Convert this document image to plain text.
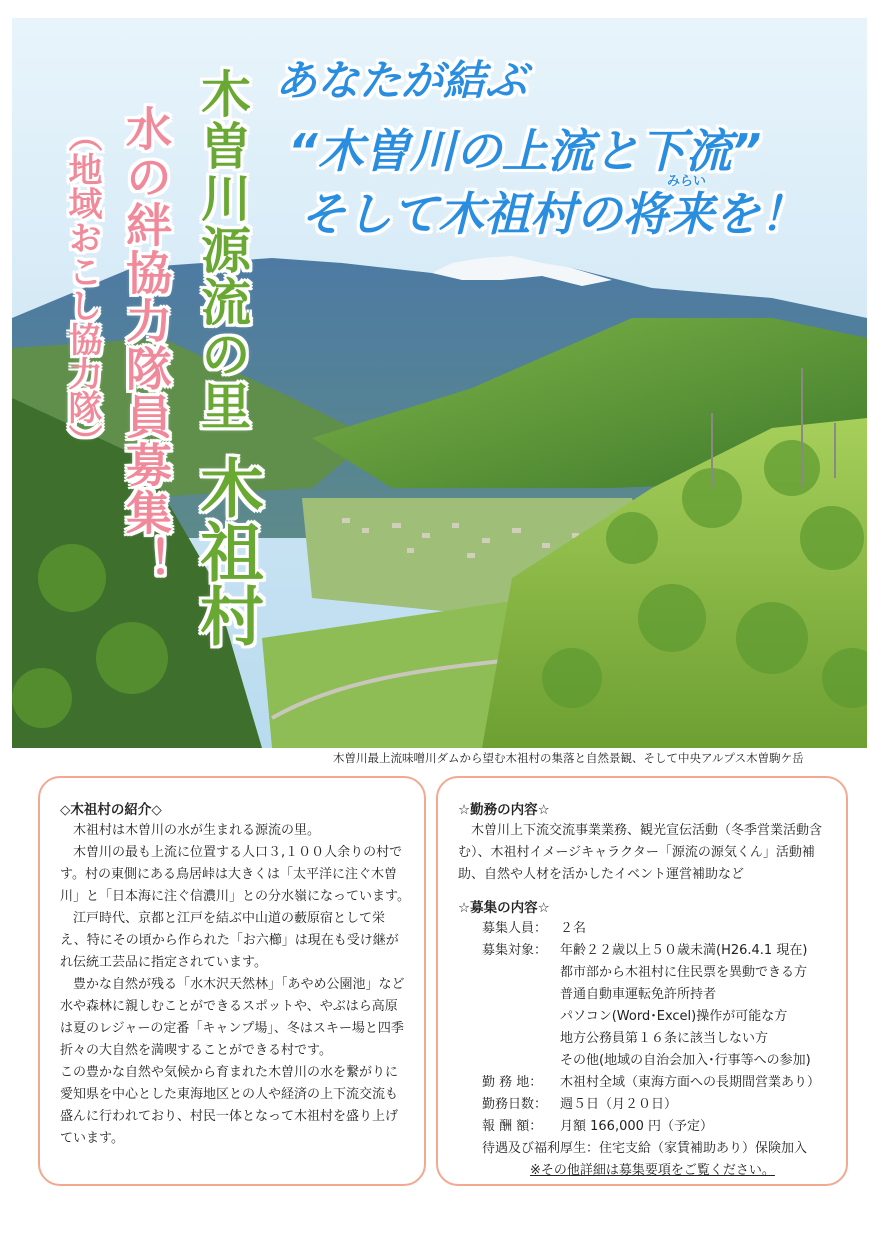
あなたが結ぶ
“木曽川の上流と下流”
みらい
そして木祖村の将来を！
木曽川源流の里
木祖村
水の絆協力隊員募集！
（地域おこし協力隊）
木曽川最上流味噌川ダムから望む木祖村の集落と自然景観、そして中央アルプス木曽駒ケ岳

◇木祖村の紹介◇

木祖村は木曽川の水が生まれる源流の里。

木曽川の最も上流に位置する人口３,１００人余りの村です。村の東側にある鳥居峠は大きくは「太平洋に注ぐ木曽川」と「日本海に注ぐ信濃川」との分水嶺になっています。

江戸時代、京都と江戸を結ぶ中山道の藪原宿として栄え、特にその頃から作られた「お六櫛」は現在も受け継がれ伝統工芸品に指定されています。

豊かな自然が残る「水木沢天然林」「あやめ公園池」など水や森林に親しむことができるスポットや、やぶはら高原は夏のレジャーの定番「キャンプ場」、冬はスキー場と四季折々の大自然を満喫することができる村です。

この豊かな自然や気候から育まれた木曽川の水を繋がりに愛知県を中心とした東海地区との人や経済の上下流交流も盛んに行われており、村民一体となって木祖村を盛り上げています。

☆勤務の内容☆

木曽川上下流交流事業業務、観光宣伝活動（冬季営業活動含む）、木祖村イメージキャラクター「源流の源気くん」活動補助、自然や人材を活かしたイベント運営補助など

☆募集の内容☆

募集人員： ２名
募集対象： 年齢２２歳以上５０歳未満(H26.4.1 現在)
都市部から木祖村に住民票を異動できる方
普通自動車運転免許所持者
パソコン(Word･Excel)操作が可能な方
地方公務員第１６条に該当しない方
その他(地域の自治会加入･行事等への参加)
勤 務 地：	木祖村全域（東海方面への長期間営業あり）
勤務日数： 週５日（月２０日）
報 酬 額：	月額 166,000 円（予定）
待遇及び福利厚生： 住宅支給（家賃補助あり）保険加入
※その他詳細は募集要項をご覧ください。
